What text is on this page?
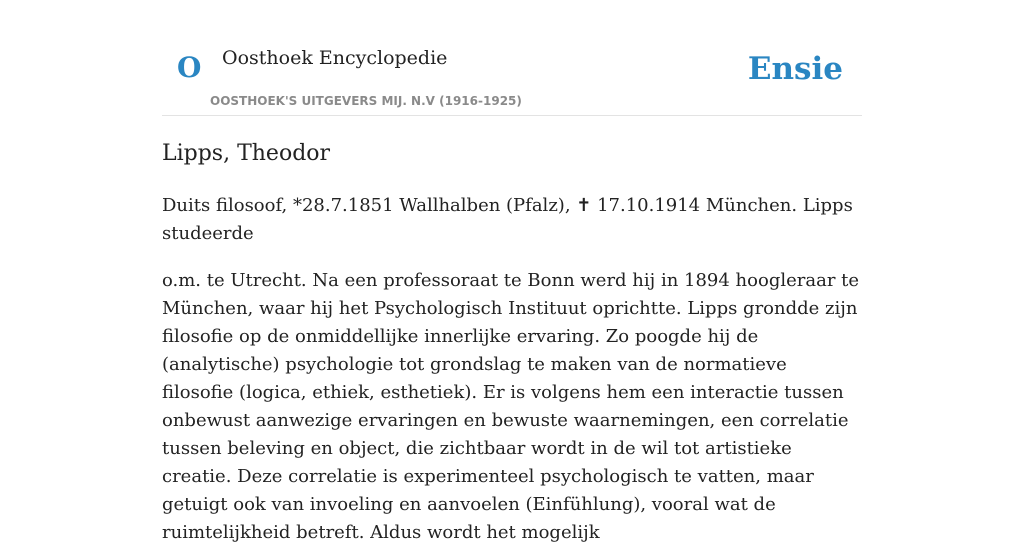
O Oosthoek Encyclopedie
OOSTHOEK'S UITGEVERS MIJ. N.V (1916-1925)
Ensie
Lipps, Theodor

Duits filosoof, *28.7.1851 Wallhalben (Pfalz), ✝ 17.10.1914 München. Lipps studeerde

o.m. te Utrecht. Na een professoraat te Bonn werd hij in 1894 hoogleraar te München, waar hij het Psychologisch Instituut oprichtte. Lipps grondde zijn filosofie op de onmiddellijke innerlijke ervaring. Zo poogde hij de (analytische) psychologie tot grondslag te maken van de normatieve filosofie (logica, ethiek, esthetiek). Er is volgens hem een interactie tussen onbewust aanwezige ervaringen en bewuste waarnemingen, een correlatie tussen beleving en object, die zichtbaar wordt in de wil tot artistieke creatie. Deze correlatie is experimenteel psychologisch te vatten, maar getuigt ook van invoeling en aanvoelen (Einfühlung), vooral wat de ruimtelijkheid betreft. Aldus wordt het mogelijk
